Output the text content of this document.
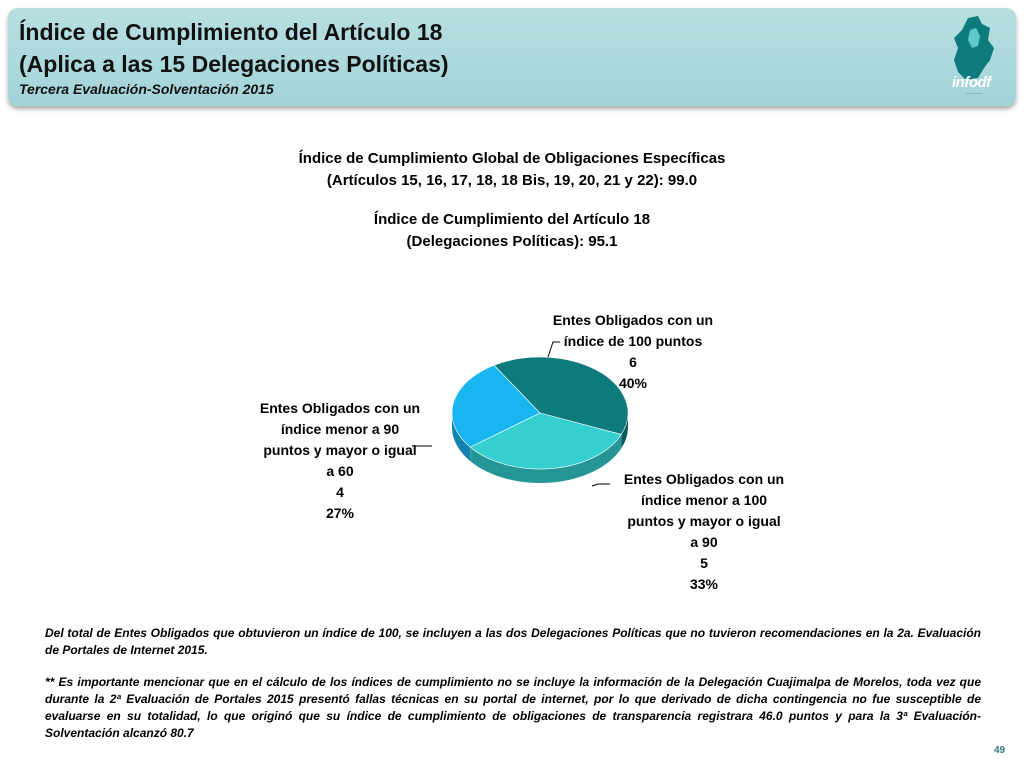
Índice de Cumplimiento del Artículo 18
(Aplica a las 15 Delegaciones Políticas)
Tercera Evaluación-Solventación 2015	infodf
────────
Índice de Cumplimiento Global de Obligaciones Específicas
(Artículos 15, 16, 17, 18, 18 Bis, 19, 20, 21 y 22): 99.0
Índice de Cumplimiento del Artículo 18
(Delegaciones Políticas): 95.1
Entes Obligados con un
índice de 100 puntos
6
40%
Entes Obligados con un
índice menor a 100
puntos y mayor o igual
a 90
5
33%
Entes Obligados con un
índice menor a 90
puntos y mayor o igual
a 60
4
27%
Del total de Entes Obligados que obtuvieron un índice de 100, se incluyen a las dos Delegaciones Políticas que no tuvieron recomendaciones en la 2a. Evaluación de Portales de Internet 2015.
** Es importante mencionar que en el cálculo de los índices de cumplimiento no se incluye la información de la Delegación Cuajimalpa de Morelos, toda vez que durante la 2ª Evaluación de Portales 2015 presentó fallas técnicas en su portal de internet, por lo que derivado de dicha contingencia no fue susceptible de evaluarse en su totalidad, lo que originó que su índice de cumplimiento de obligaciones de transparencia registrara 46.0 puntos y para la 3ª Evaluación-Solventación alcanzó 80.7
49
